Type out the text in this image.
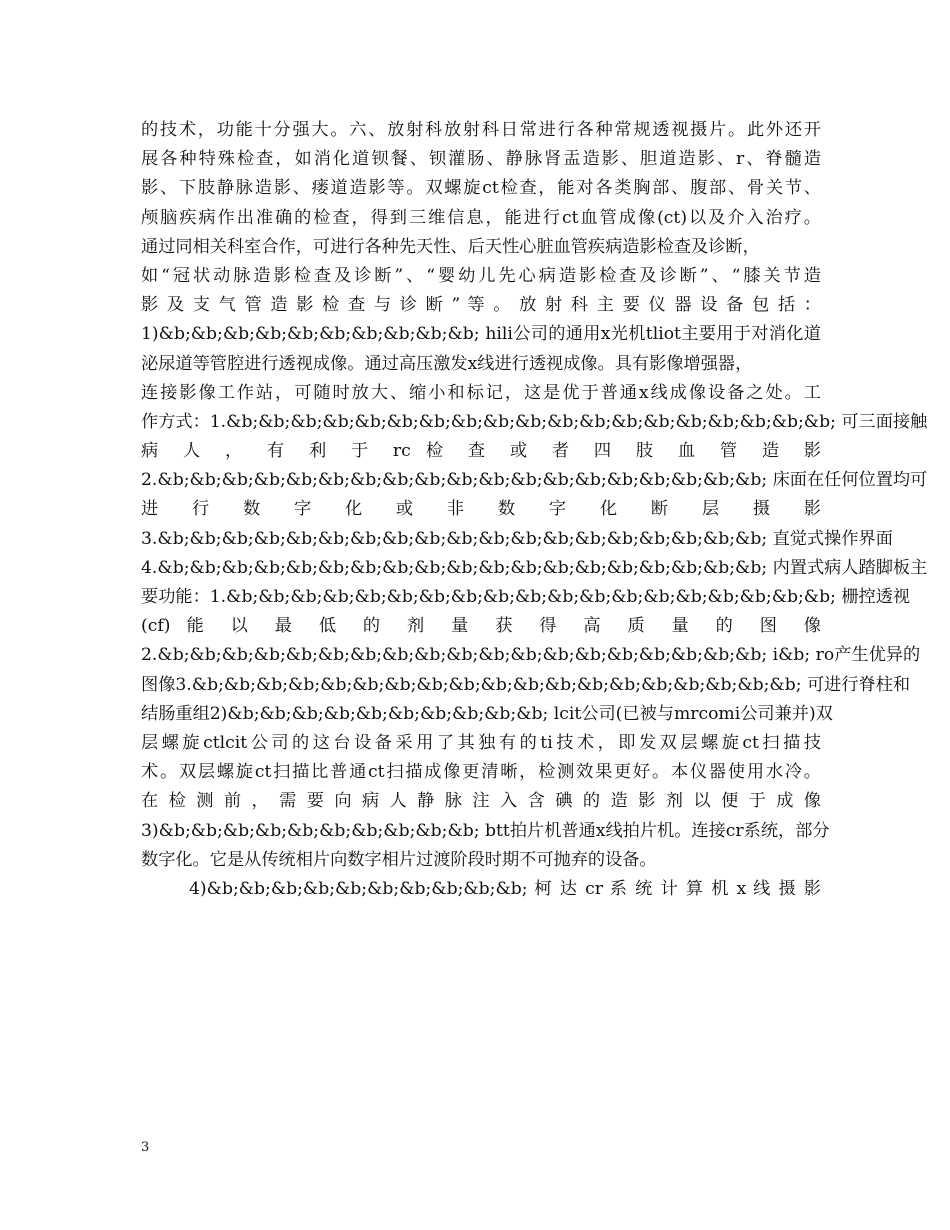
的技术，功能十分强大。六、放射科放射科日常进行各种常规透视摄片。此外还开
展各种特殊检查，如消化道钡餐、钡灌肠、静脉肾盂造影、胆道造影、r、脊髓造
影、下肢静脉造影、瘘道造影等。双螺旋ct检查，能对各类胸部、腹部、骨关节、
颅脑疾病作出准确的检查，得到三维信息，能进行ct血管成像(ct)以及介入治疗。
通过同相关科室合作，可进行各种先天性、后天性心脏血管疾病造影检查及诊断，
如“冠状动脉造影检查及诊断”、“婴幼儿先心病造影检查及诊断”、“膝关节造
影 及 支 气 管 造 影 检 查 与 诊 断 ” 等 。 放 射 科 主 要 仪 器 设 备 包 括 ：
1)&b;&b;&b;&b;&b;&b;&b;&b;&b;&b; hili公司的通用x光机tliot主要用于对消化道
泌尿道等管腔进行透视成像。通过高压激发x线进行透视成像。具有影像增强器，
连接影像工作站，可随时放大、缩小和标记，这是优于普通x线成像设备之处。工
作方式：1.&b;&b;&b;&b;&b;&b;&b;&b;&b;&b;&b;&b;&b;&b;&b;&b;&b;&b;&b; 可三面接触
病 人 ， 有 利 于 rc 检 查 或 者 四 肢 血 管 造 影
2.&b;&b;&b;&b;&b;&b;&b;&b;&b;&b;&b;&b;&b;&b;&b;&b;&b;&b;&b; 床面在任何位置均可
进 行 数 字 化 或 非 数 字 化 断 层 摄 影
3.&b;&b;&b;&b;&b;&b;&b;&b;&b;&b;&b;&b;&b;&b;&b;&b;&b;&b;&b; 直觉式操作界面
4.&b;&b;&b;&b;&b;&b;&b;&b;&b;&b;&b;&b;&b;&b;&b;&b;&b;&b;&b; 内置式病人踏脚板主
要功能：1.&b;&b;&b;&b;&b;&b;&b;&b;&b;&b;&b;&b;&b;&b;&b;&b;&b;&b;&b; 栅控透视
(cf) 能 以 最 低 的 剂 量 获 得 高 质 量 的 图 像
2.&b;&b;&b;&b;&b;&b;&b;&b;&b;&b;&b;&b;&b;&b;&b;&b;&b;&b;&b; i&b; ro产生优异的
图像3.&b;&b;&b;&b;&b;&b;&b;&b;&b;&b;&b;&b;&b;&b;&b;&b;&b;&b;&b; 可进行脊柱和
结肠重组2)&b;&b;&b;&b;&b;&b;&b;&b;&b;&b; lcit公司(已被与mrcomi公司兼并)双
层螺旋ctlcit公司的这台设备采用了其独有的ti技术，即发双层螺旋ct扫描技
术。双层螺旋ct扫描比普通ct扫描成像更清晰，检测效果更好。本仪器使用水冷。
在 检 测 前 ， 需 要 向 病 人 静 脉 注 入 含 碘 的 造 影 剂 以 便 于 成 像
3)&b;&b;&b;&b;&b;&b;&b;&b;&b;&b; btt拍片机普通x线拍片机。连接cr系统，部分
数字化。它是从传统相片向数字相片过渡阶段时期不可抛弃的设备。
4)&b;&b;&b;&b;&b;&b;&b;&b;&b;&b; 柯 达 cr 系 统 计 算 机 x 线 摄 影
3
